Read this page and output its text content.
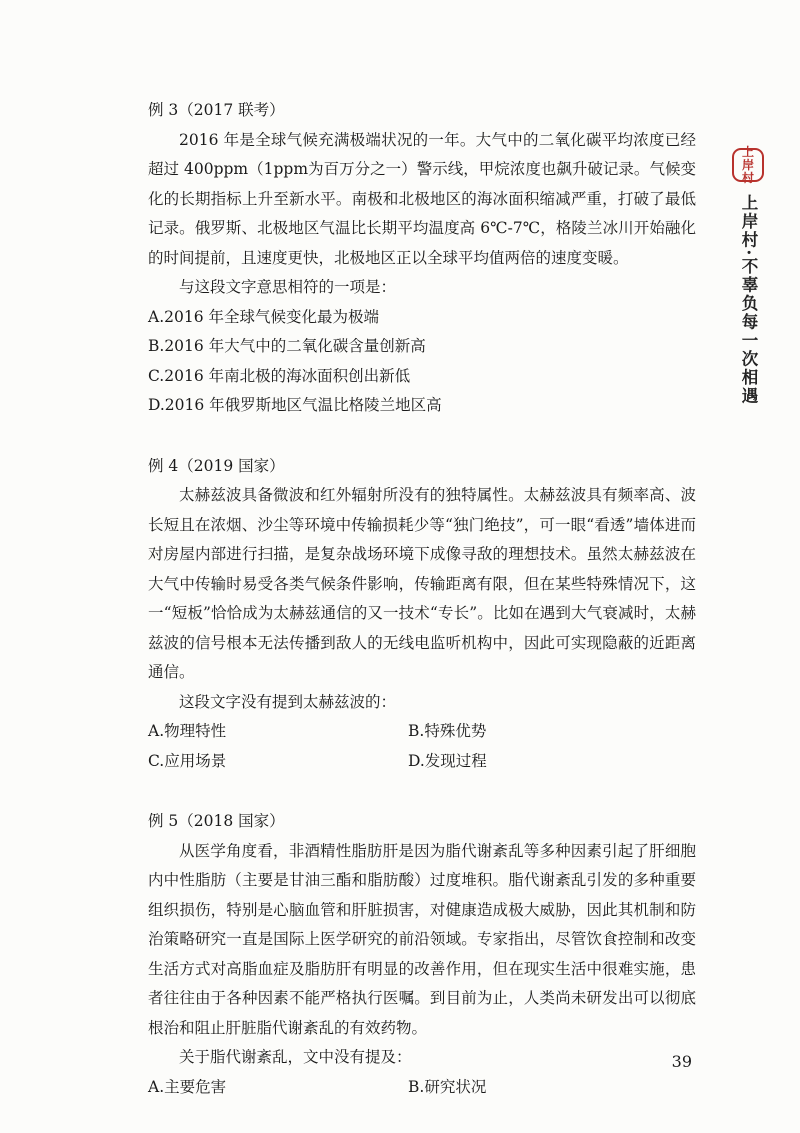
例 3（2017 联考）

2016 年是全球气候充满极端状况的一年。大气中的二氧化碳平均浓度已经超过 400ppm（1ppm为百万分之一）警示线，甲烷浓度也飙升破记录。气候变化的长期指标上升至新水平。南极和北极地区的海冰面积缩减严重，打破了最低记录。俄罗斯、北极地区气温比长期平均温度高 6℃-7℃，格陵兰冰川开始融化的时间提前，且速度更快，北极地区正以全球平均值两倍的速度变暖。

与这段文字意思相符的一项是：

A.2016 年全球气候变化最为极端
B.2016 年大气中的二氧化碳含量创新高
C.2016 年南北极的海冰面积创出新低
D.2016 年俄罗斯地区气温比格陵兰地区高
例 4（2019 国家）

太赫兹波具备微波和红外辐射所没有的独特属性。太赫兹波具有频率高、波长短且在浓烟、沙尘等环境中传输损耗少等“独门绝技”，可一眼“看透”墙体进而对房屋内部进行扫描，是复杂战场环境下成像寻敌的理想技术。虽然太赫兹波在大气中传输时易受各类气候条件影响，传输距离有限，但在某些特殊情况下，这一“短板”恰恰成为太赫兹通信的又一技术“专长”。比如在遇到大气衰减时，太赫兹波的信号根本无法传播到敌人的无线电监听机构中，因此可实现隐蔽的近距离通信。

这段文字没有提到太赫兹波的：

A.物理特性	B.特殊优势
C.应用场景	D.发现过程
例 5（2018 国家）

从医学角度看，非酒精性脂肪肝是因为脂代谢紊乱等多种因素引起了肝细胞内中性脂肪（主要是甘油三酯和脂肪酸）过度堆积。脂代谢紊乱引发的多种重要组织损伤，特别是心脑血管和肝脏损害，对健康造成极大威胁，因此其机制和防治策略研究一直是国际上医学研究的前沿领域。专家指出，尽管饮食控制和改变生活方式对高脂血症及脂肪肝有明显的改善作用，但在现实生活中很难实施，患者往往由于各种因素不能严格执行医嘱。到目前为止，人类尚未研发出可以彻底根治和阻止肝脏脂代谢紊乱的有效药物。

关于脂代谢紊乱，文中没有提及：

A.主要危害	B.研究状况
上
岸
村
上岸村·不辜负每一次相遇
39
